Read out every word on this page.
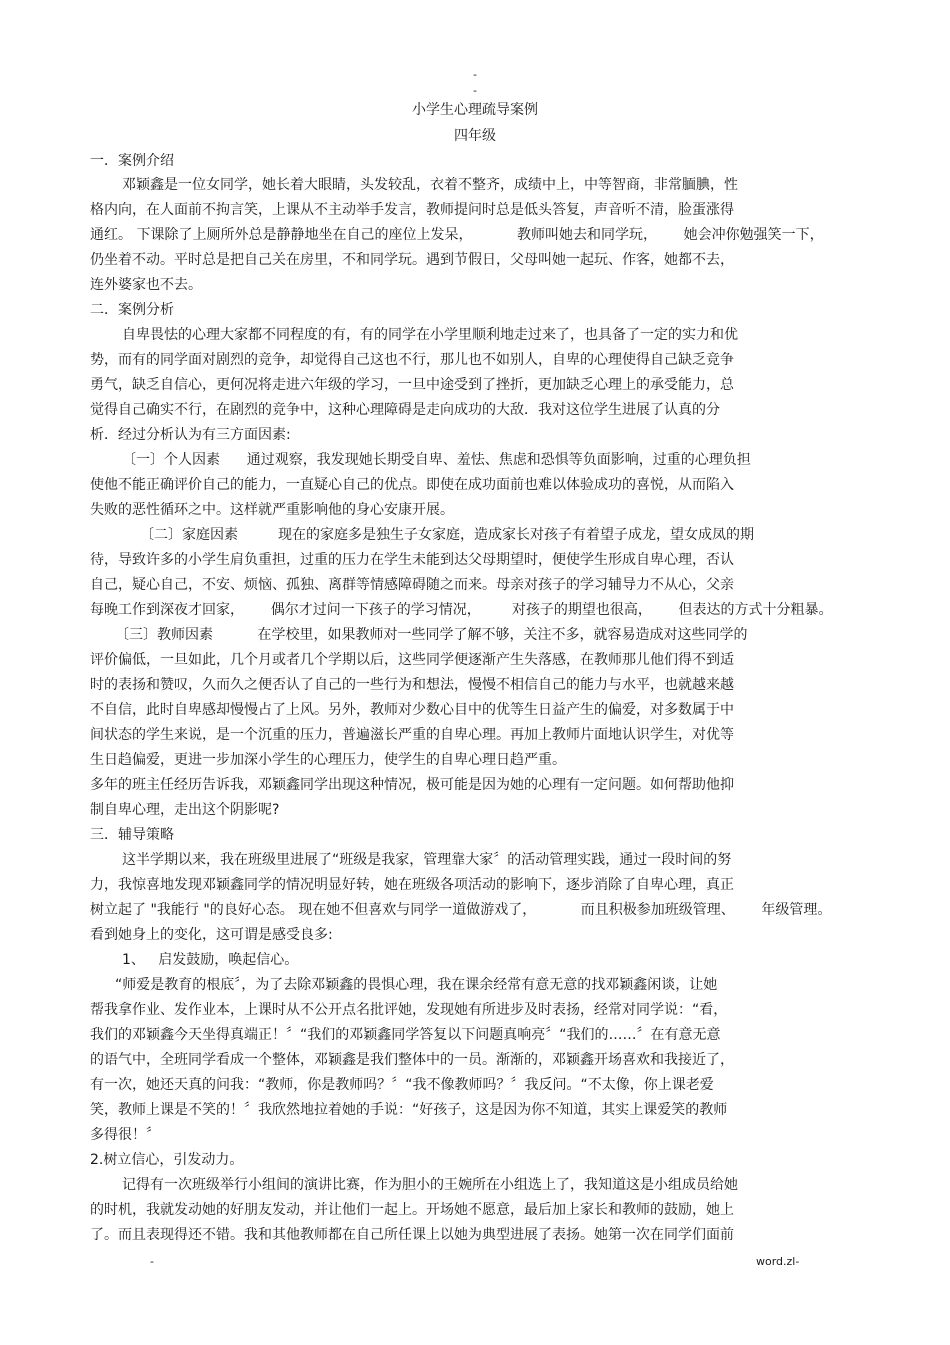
-
-
小学生心理疏导案例
四年级
一．案例介绍
邓颖鑫是一位女同学，她长着大眼睛，头发较乱，衣着不整齐，成绩中上，中等智商，非常腼腆，性
格内向，在人面前不拘言笑，上课从不主动举手发言，教师提问时总是低头答复，声音听不清，脸蛋涨得
通红。 下课除了上厕所外总是静静地坐在自己的座位上发呆，          教师叫她去和同学玩，      她会冲你勉强笑一下，
仍坐着不动。平时总是把自己关在房里，不和同学玩。遇到节假日，父母叫她一起玩、作客，她都不去，
连外婆家也不去。
二．案例分析
自卑畏怯的心理大家都不同程度的有，有的同学在小学里顺利地走过来了，也具备了一定的实力和优
势，而有的同学面对剧烈的竞争，却觉得自己这也不行，那儿也不如别人，自卑的心理使得自己缺乏竞争
勇气，缺乏自信心，更何况将走进六年级的学习，一旦中途受到了挫折，更加缺乏心理上的承受能力，总
觉得自己确实不行，在剧烈的竞争中，这种心理障碍是走向成功的大敌．我对这位学生进展了认真的分
析．经过分析认为有三方面因素:
〔一〕个人因素      通过观察，我发现她长期受自卑、羞怯、焦虑和恐惧等负面影响，过重的心理负担
使他不能正确评价自己的能力，一直疑心自己的优点。即使在成功面前也难以体验成功的喜悦，从而陷入
失败的恶性循环之中。这样就严重影响他的身心安康开展。
〔二〕家庭因素         现在的家庭多是独生子女家庭，造成家长对孩子有着望子成龙，望女成凤的期
待，导致许多的小学生肩负重担，过重的压力在学生未能到达父母期望时，便使学生形成自卑心理，否认
自己，疑心自己，不安、烦恼、孤独、离群等情感障碍随之而来。母亲对孩子的学习辅导力不从心，父亲
每晚工作到深夜才回家，      偶尔才过问一下孩子的学习情况，       对孩子的期望也很高，      但表达的方式十分粗暴。
〔三〕教师因素          在学校里，如果教师对一些同学了解不够，关注不多，就容易造成对这些同学的
评价偏低，一旦如此，几个月或者几个学期以后，这些同学便逐渐产生失落感，在教师那儿他们得不到适
时的表扬和赞叹，久而久之便否认了自己的一些行为和想法，慢慢不相信自己的能力与水平，也就越来越
不自信，此时自卑感却慢慢占了上风。另外，教师对少数心目中的优等生日益产生的偏爱，对多数属于中
间状态的学生来说，是一个沉重的压力，普遍滋长严重的自卑心理。再加上教师片面地认识学生，对优等
生日趋偏爱，更进一步加深小学生的心理压力，使学生的自卑心理日趋严重。
多年的班主任经历告诉我，邓颖鑫同学出现这种情况，极可能是因为她的心理有一定问题。如何帮助他抑
制自卑心理，走出这个阴影呢?
三．辅导策略
这半学期以来，我在班级里进展了“班级是我家，管理靠大家〞的活动管理实践，通过一段时间的努
力，我惊喜地发现邓颖鑫同学的情况明显好转，她在班级各项活动的影响下，逐步消除了自卑心理，真正
树立起了 "我能行 "的良好心态。 现在她不但喜欢与同学一道做游戏了，          而且积极参加班级管理、      年级管理。
看到她身上的变化，这可谓是感受良多:
1、   启发鼓励，唤起信心。
“师爱是教育的根底〞，为了去除邓颖鑫的畏惧心理，我在课余经常有意无意的找邓颖鑫闲谈，让她
帮我拿作业、发作业本，上课时从不公开点名批评她，发现她有所进步及时表扬，经常对同学说：“看，
我们的邓颖鑫今天坐得真端正！〞“我们的邓颖鑫同学答复以下问题真响亮〞“我们的……〞在有意无意
的语气中，全班同学看成一个整体，邓颖鑫是我们整体中的一员。渐渐的，邓颖鑫开场喜欢和我接近了，
有一次，她还天真的问我：“教师，你是教师吗？〞“我不像教师吗？〞我反问。“不太像，你上课老爱
笑，教师上课是不笑的！〞我欣然地拉着她的手说：“好孩子，这是因为你不知道，其实上课爱笑的教师
多得很！〞
2.树立信心，引发动力。
记得有一次班级举行小组间的演讲比赛，作为胆小的王婉所在小组选上了，我知道这是小组成员给她
的时机，我就发动她的好朋友发动，并让他们一起上。开场她不愿意，最后加上家长和教师的鼓励，她上
了。而且表现得还不错。我和其他教师都在自己所任课上以她为典型进展了表扬。她第一次在同学们面前
-	word.zl-
